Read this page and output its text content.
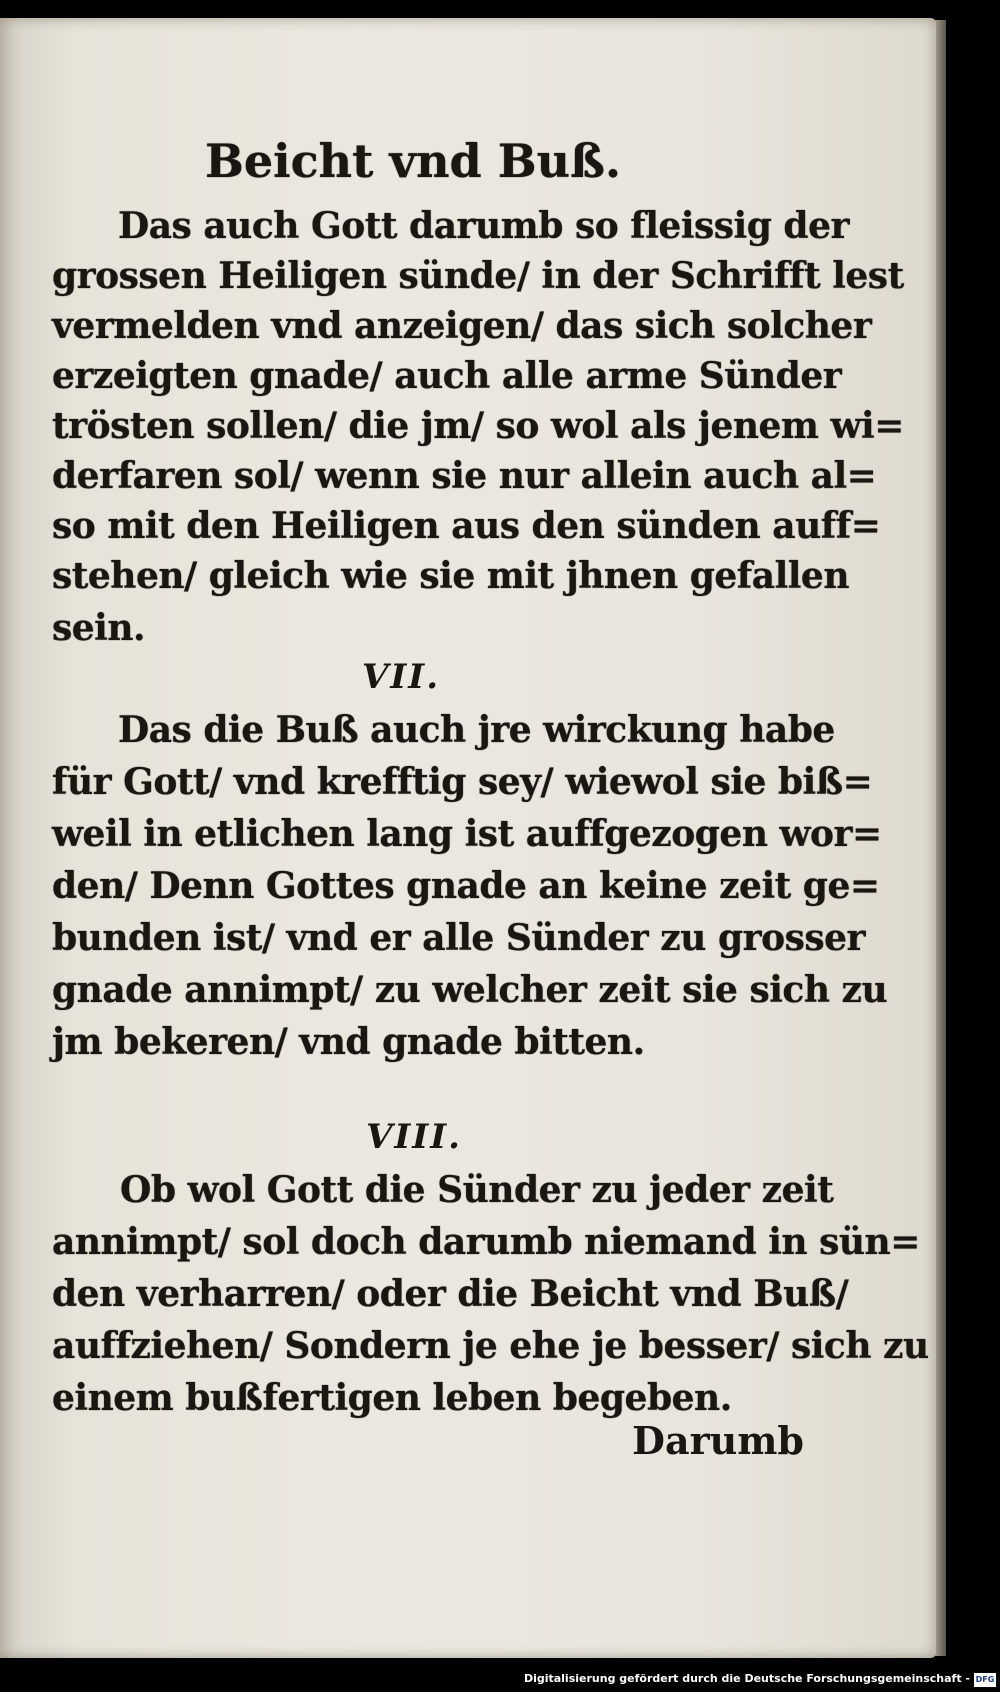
Beicht vnd Buß.

Das auch Gott darumb so fleissig der

grossen Heiligen sünde/ in der Schrifft lest

vermelden vnd anzeigen/ das sich solcher

erzeigten gnade/ auch alle arme Sünder

trösten sollen/ die jm/ so wol als jenem wi=

derfaren sol/ wenn sie nur allein auch al=

so mit den Heiligen aus den sünden auff=

stehen/ gleich wie sie mit jhnen gefallen

sein.

VII.

Das die Buß auch jre wirckung habe

für Gott/ vnd krefftig sey/ wiewol sie biß=

weil in etlichen lang ist auffgezogen wor=

den/ Denn Gottes gnade an keine zeit ge=

bunden ist/ vnd er alle Sünder zu grosser

gnade annimpt/ zu welcher zeit sie sich zu

jm bekeren/ vnd gnade bitten.

VIII.

Ob wol Gott die Sünder zu jeder zeit

annimpt/ sol doch darumb niemand in sün=

den verharren/ oder die Beicht vnd Buß/

auffziehen/ Sondern je ehe je besser/ sich zu

einem bußfertigen leben begeben.

Darumb

Digitalisierung gefördert durch die Deutsche Forschungsgemeinschaft - DFG
